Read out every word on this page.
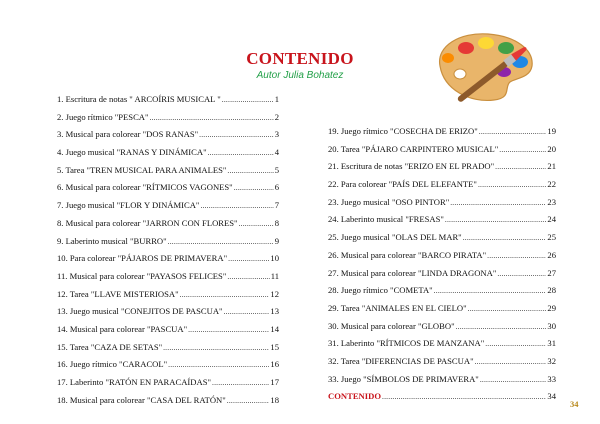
CONTENIDO

Autor Julia Bohatez

1. Escritura de notas " ARCOÍRIS MUSICAL " .....	1
2. Juego rítmico "PESCA" .....	2
3. Musical para colorear "DOS RANAS" .....	3
4. Juego musical "RANAS Y DINÁMICA" .....	4
5. Tarea "TREN MUSICAL PARA ANIMALES" .....	5
6. Musical para colorear "RÍTMICOS VAGONES" .....	6
7. Juego musical "FLOR Y DINÁMICA" .....	7
8. Musical para colorear "JARRON CON FLORES" .....	8
9. Laberinto musical "BURRO" .....	9
10. Para colorear "PÁJAROS DE PRIMAVERA" .....	10
11. Musical para colorear "PAYASOS FELICES" .....	11
12. Tarea "LLAVE MISTERIOSA" .....	12
13. Juego musical "CONEJITOS DE PASCUA" .....	13
14. Musical para colorear "PASCUA" .....	14
15. Tarea "CAZA DE SETAS" .....	15
16. Juego rítmico "CARACOL" .....	16
17. Laberinto "RATÓN EN PARACAÍDAS" .....	17
18. Musical para colorear "CASA DEL RATÓN" .....	18
19. Juego rítmico "COSECHA DE ERIZO" .....	19
20. Tarea "PÁJARO CARPINTERO MUSICAL" .....	20
21. Escritura de notas "ERIZO EN EL PRADO" .....	21
22. Para colorear "PAÍS DEL ELEFANTE" .....	22
23. Juego musical "OSO PINTOR" .....	23
24. Laberinto musical "FRESAS" .....	24
25. Juego musical "OLAS DEL MAR" .....	25
26. Musical para colorear "BARCO PIRATA" .....	26
27. Musical para colorear "LINDA DRAGONA" .....	27
28. Juego rítmico "COMETA" .....	28
29. Tarea "ANIMALES EN EL CIELO" .....	29
30. Musical para colorear "GLOBO" .....	30
31. Laberinto "RÍTMICOS DE MANZANA" .....	31
32. Tarea "DIFERENCIAS DE PASCUA" .....	32
33. Juego "SÍMBOLOS DE PRIMAVERA" .....	33
CONTENIDO .....	34
34
